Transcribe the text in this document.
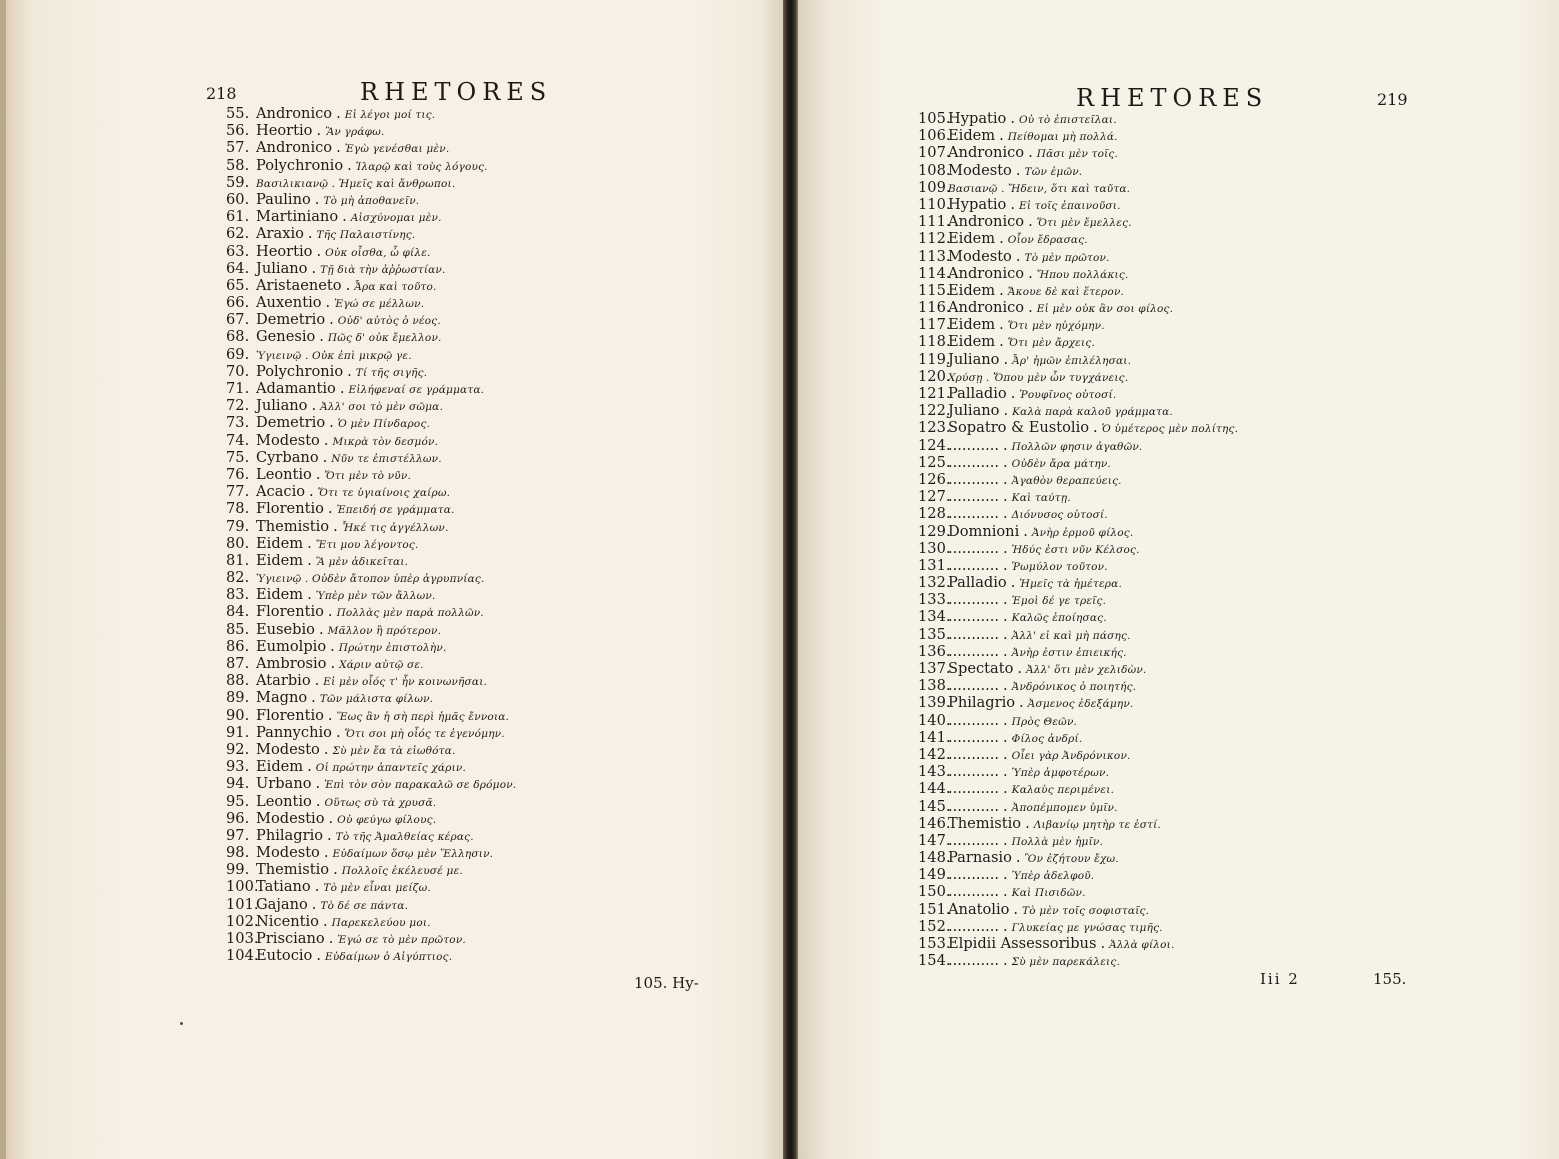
218	RHETORES
55. Andronico . Εἰ λέγοι μοί τις.
56. Heortio . Ἂν γράφω.
57. Andronico . Ἐγὼ γενέσθαι μὲν.
58. Polychronio . Ἱλαρῷ καὶ τοὺς λόγους.
59. Βασιλικιανῷ . Ἡμεῖς καὶ ἄνθρωποι.
60. Paulino . Τὸ μὴ ἀποθανεῖν.
61. Martiniano . Αἰσχύνομαι μὲν.
62. Araxio . Τῆς Παλαιστίνης.
63. Heortio . Οὐκ οἶσθα, ὦ φίλε.
64. Juliano . Τῇ διὰ τὴν ἀῤῥωστίαν.
65. Aristaeneto . Ἆρα καὶ τοῦτο.
66. Auxentio . Ἐγώ σε μέλλων.
67. Demetrio . Οὐδ' αὐτὸς ὁ νέος.
68. Genesio . Πῶς δ' οὐκ ἔμελλον.
69. Ὑγιεινῷ . Οὐκ ἐπὶ μικρῷ γε.
70. Polychronio . Τί τῆς σιγῆς.
71. Adamantio . Εἰλήφεναί σε γράμματα.
72. Juliano . Ἀλλ' σοι τὸ μὲν σῶμα.
73. Demetrio . Ὁ μὲν Πίνδαρος.
74. Modesto . Μικρὰ τὸν δεσμόν.
75. Cyrbano . Νῦν τε ἐπιστέλλων.
76. Leontio . Ὅτι μὲν τὸ νῦν.
77. Acacio . Ὅτι τε ὑγιαίνοις χαίρω.
78. Florentio . Ἐπειδή σε γράμματα.
79. Themistio . Ἧκέ τις ἀγγέλλων.
80. Eidem . Ἔτι μου λέγοντος.
81. Eidem . Ἃ μὲν ἀδικεῖται.
82. Ὑγιεινῷ . Οὐδὲν ἄτοπον ὑπὲρ ἀγρυπνίας.
83. Eidem . Ὑπὲρ μὲν τῶν ἄλλων.
84. Florentio . Πολλὰς μὲν παρὰ πολλῶν.
85. Eusebio . Μᾶλλον ἢ πρότερον.
86. Eumolpio . Πρώτην ἐπιστολὴν.
87. Ambrosio . Χάριν αὐτῷ σε.
88. Atarbio . Εἰ μὲν οἷός τ' ἦν κοινωνῆσαι.
89. Magno . Τῶν μάλιστα φίλων.
90. Florentio . Ἕως ἂν ἡ σὴ περὶ ἡμᾶς ἔννοια.
91. Pannychio . Ὅτι σοι μὴ οἷός τε ἐγενόμην.
92. Modesto . Σὺ μὲν ἔα τὰ εἰωθότα.
93. Eidem . Οἱ πρώτην ἀπαντεῖς χάριν.
94. Urbano . Ἐπὶ τὸν σὸν παρακαλῶ σε δρόμον.
95. Leontio . Οὕτως σὺ τὰ χρυσᾶ.
96. Modestio . Οὐ φεύγω φίλους.
97. Philagrio . Τὸ τῆς Ἀμαλθείας κέρας.
98. Modesto . Εὐδαίμων ὅσῳ μὲν Ἕλλησιν.
99. Themistio . Πολλοῖς ἐκέλευσέ με.
100.Tatiano . Τὸ μὲν εἶναι μείζω.
101.Gajano . Τὸ δέ σε πάντα.
102.Nicentio . Παρεκελεύου μοι.
103.Prisciano . Ἐγώ σε τὸ μὲν πρῶτον.
104.Eutocio . Εὐδαίμων ὁ Αἰγύπτιος.
105. Hy-
RHETORES	219
105.Hypatio . Οὐ τὸ ἐπιστεῖλαι.
106.Eidem . Πείθομαι μὴ πολλά.
107.Andronico . Πᾶσι μὲν τοῖς.
108.Modesto . Τῶν ἐμῶν.
109.Βασιανῷ . Ἤδειν, ὅτι καὶ ταῦτα.
110.Hypatio . Εἰ τοῖς ἐπαινοῦσι.
111.Andronico . Ὅτι μὲν ἔμελλες.
112.Eidem . Οἷον ἔδρασας.
113.Modesto . Τὸ μὲν πρῶτον.
114.Andronico . Ἤπου πολλάκις.
115.Eidem . Ἄκουε δὲ καὶ ἕτερον.
116.Andronico . Εἰ μὲν οὐκ ἂν σοι φίλος.
117.Eidem . Ὅτι μὲν ηὐχόμην.
118.Eidem . Ὅτι μὲν ἄρχεις.
119.Juliano . Ἆρ' ἡμῶν ἐπιλέλησαι.
120.Χρύσῃ . Ὅπου μὲν ὧν τυγχάνεις.
121.Palladio . Ῥουφῖνος οὑτοσί.
122.Juliano . Καλὰ παρὰ καλοῦ γράμματα.
123.Sopatro & Eustolio . Ὁ ὑμέτερος μὲν πολίτης.
124............ . Πολλῶν φησιν ἀγαθῶν.
125............ . Οὐδὲν ἄρα μάτην.
126............ . Ἀγαθὸν θεραπεύεις.
127............ . Καὶ ταύτῃ.
128............ . Διόνυσος οὑτοσί.
129.Domnioni . Ἀνὴρ ἐρμοῦ φίλος.
130............ . Ἡδύς ἐστι νῦν Κέλσος.
131............ . Ῥωμύλον τοῦτον.
132.Palladio . Ἡμεῖς τὰ ἡμέτερα.
133............ . Ἐμοὶ δέ γε τρεῖς.
134............ . Καλῶς ἐποίησας.
135............ . Ἀλλ' εἰ καὶ μὴ πάσης.
136............ . Ἀνὴρ ἐστιν ἐπιεικής.
137.Spectato . Ἀλλ' ὅτι μὲν χελιδὼν.
138............ . Ἀνδρόνικος ὁ ποιητής.
139.Philagrio . Ἀσμενος ἐδεξάμην.
140............ . Πρὸς Θεῶν.
141............ . Φίλος ἀνδρί.
142............ . Οἶει γὰρ Ἀνδρόνικον.
143............ . Ὑπὲρ ἀμφοτέρων.
144............ . Καλαὺς περιμένει.
145............ . Ἀποπέμπομεν ὑμῖν.
146.Themistio . Λιβανίῳ μητὴρ τε ἐστί.
147............ . Πολλὰ μὲν ἡμῖν.
148.Parnasio . Ὃν ἐζήτουν ἔχω.
149............ . Ὑπὲρ ἀδελφοῦ.
150............ . Καὶ Πισιδῶν.
151.Anatolio . Τὸ μὲν τοῖς σοφισταῖς.
152............ . Γλυκείας με γνώσας τιμῆς.
153.Elpidii Assessoribus . Ἀλλὰ φίλοι.
154............ . Σὺ μὲν παρεκάλεις.
Iii 2	155.
